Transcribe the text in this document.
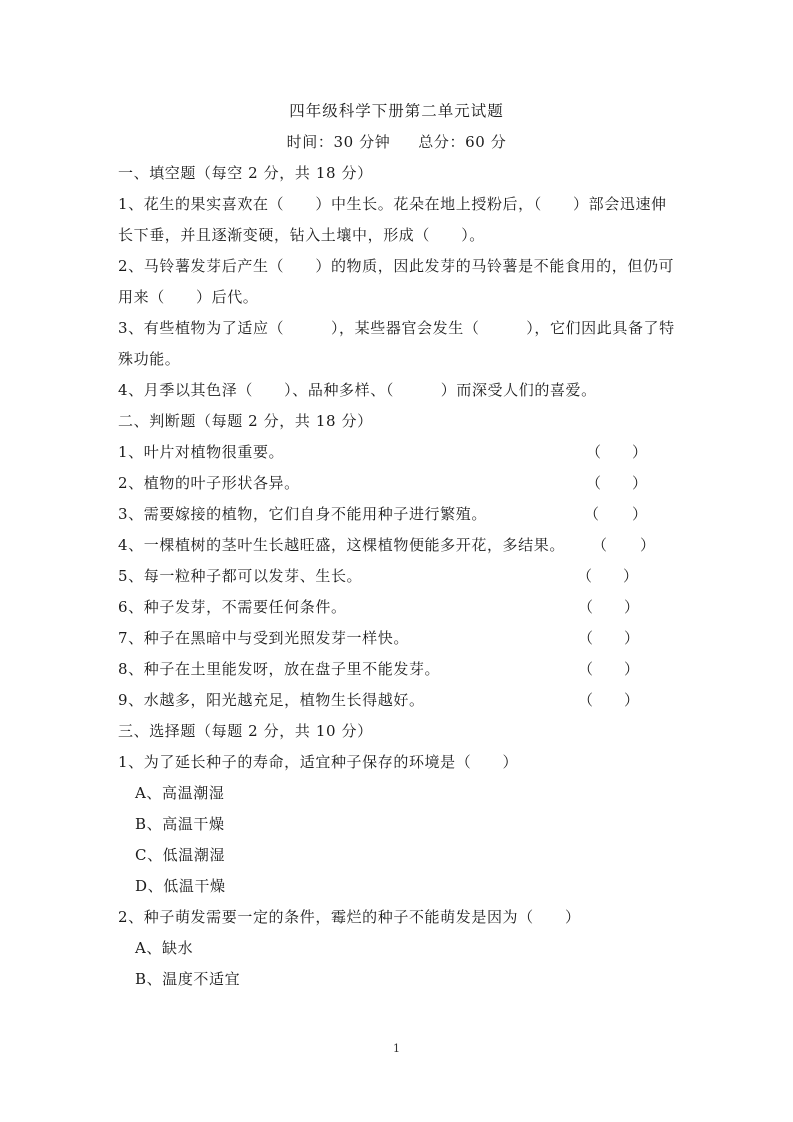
四年级科学下册第二单元试题
时间：30 分钟 总分：60 分
一、填空题（每空 2 分，共 18 分）
1、花生的果实喜欢在（　　）中生长。花朵在地上授粉后，（　　）部会迅速伸
长下垂，并且逐渐变硬，钻入土壤中，形成（　　）。
2、马铃薯发芽后产生（　　）的物质，因此发芽的马铃薯是不能食用的，但仍可
用来（　　）后代。
3、有些植物为了适应（　　　），某些器官会发生（　　　），它们因此具备了特
殊功能。
4、月季以其色泽（　　）、品种多样、（　　　）而深受人们的喜爱。
二、判断题（每题 2 分，共 18 分）
1、叶片对植物很重要。	（ ）
2、植物的叶子形状各异。	（ ）
3、需要嫁接的植物，它们自身不能用种子进行繁殖。	（ ）
4、一棵植树的茎叶生长越旺盛，这棵植物便能多开花，多结果。 （ ）
5、每一粒种子都可以发芽、生长。	（ ）
6、种子发芽，不需要任何条件。	（ ）
7、种子在黑暗中与受到光照发芽一样快。	（ ）
8、种子在土里能发呀，放在盘子里不能发芽。	（ ）
9、水越多，阳光越充足，植物生长得越好。	（ ）
三、选择题（每题 2 分，共 10 分）
1、为了延长种子的寿命，适宜种子保存的环境是（　　）
A、高温潮湿
B、高温干燥
C、低温潮湿
D、低温干燥
2、种子萌发需要一定的条件，霉烂的种子不能萌发是因为（　　）
A、缺水
B、温度不适宜
1
